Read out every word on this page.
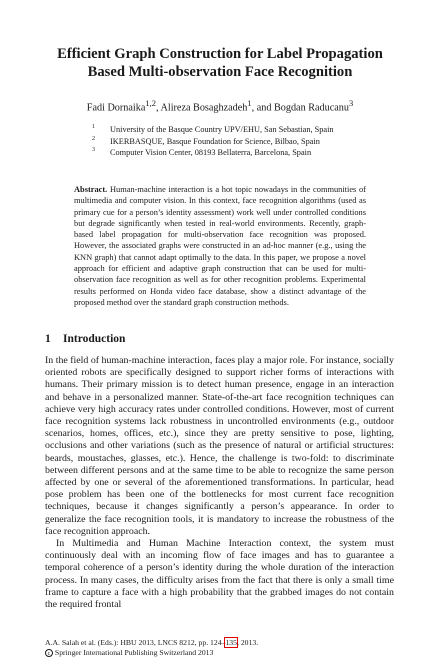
Efficient Graph Construction for Label Propagation
Based Multi-observation Face Recognition
Fadi Dornaika$^{1,2}$, Alireza Bosaghzadeh$^1$, and Bogdan Raducanu$^3$
1 University of the Basque Country UPV/EHU, San Sebastian, Spain
2 IKERBASQUE, Basque Foundation for Science, Bilbao, Spain
3 Computer Vision Center, 08193 Bellaterra, Barcelona, Spain

Abstract. Human-machine interaction is a hot topic nowadays in the communities of multimedia and computer vision. In this context, face recognition algorithms (used as primary cue for a person’s identity assessment) work well under controlled conditions but degrade significantly when tested in real-world environments. Recently, graph-based label propagation for multi-observation face recognition was proposed. However, the associated graphs were constructed in an ad-hoc manner (e.g., using the KNN graph) that cannot adapt optimally to the data. In this paper, we propose a novel approach for efficient and adaptive graph construction that can be used for multi-observation face recognition as well as for other recognition problems. Experimental results performed on Honda video face database, show a distinct advantage of the proposed method over the standard graph construction methods.

1 Introduction

In the field of human-machine interaction, faces play a major role. For instance, socially oriented robots are specifically designed to support richer forms of interactions with humans. Their primary mission is to detect human presence, engage in an interaction and behave in a personalized manner. State-of-the-art face recognition techniques can achieve very high accuracy rates under controlled conditions. However, most of current face recognition systems lack robustness in uncontrolled environments (e.g., outdoor scenarios, homes, offices, etc.), since they are pretty sensitive to pose, lighting, occlusions and other variations (such as the presence of natural or artificial structures: beards, moustaches, glasses, etc.). Hence, the challenge is two-fold: to discriminate between different persons and at the same time to be able to recognize the same person affected by one or several of the aforementioned transformations. In particular, head pose problem has been one of the bottlenecks for most current face recognition techniques, because it changes significantly a person’s appearance. In order to generalize the face recognition tools, it is mandatory to increase the robustness of the face recognition approach.

In Multimedia and Human Machine Interaction context, the system must continuously deal with an incoming flow of face images and has to guarantee a temporal coherence of a person’s identity during the whole duration of the interaction process. In many cases, the difficulty arises from the fact that there is only a small time frame to capture a face with a high probability that the grabbed images do not contain the required frontal

A.A. Salah et al. (Eds.): HBU 2013, LNCS 8212, pp. 124–135, 2013.
c Springer International Publishing Switzerland 2013
